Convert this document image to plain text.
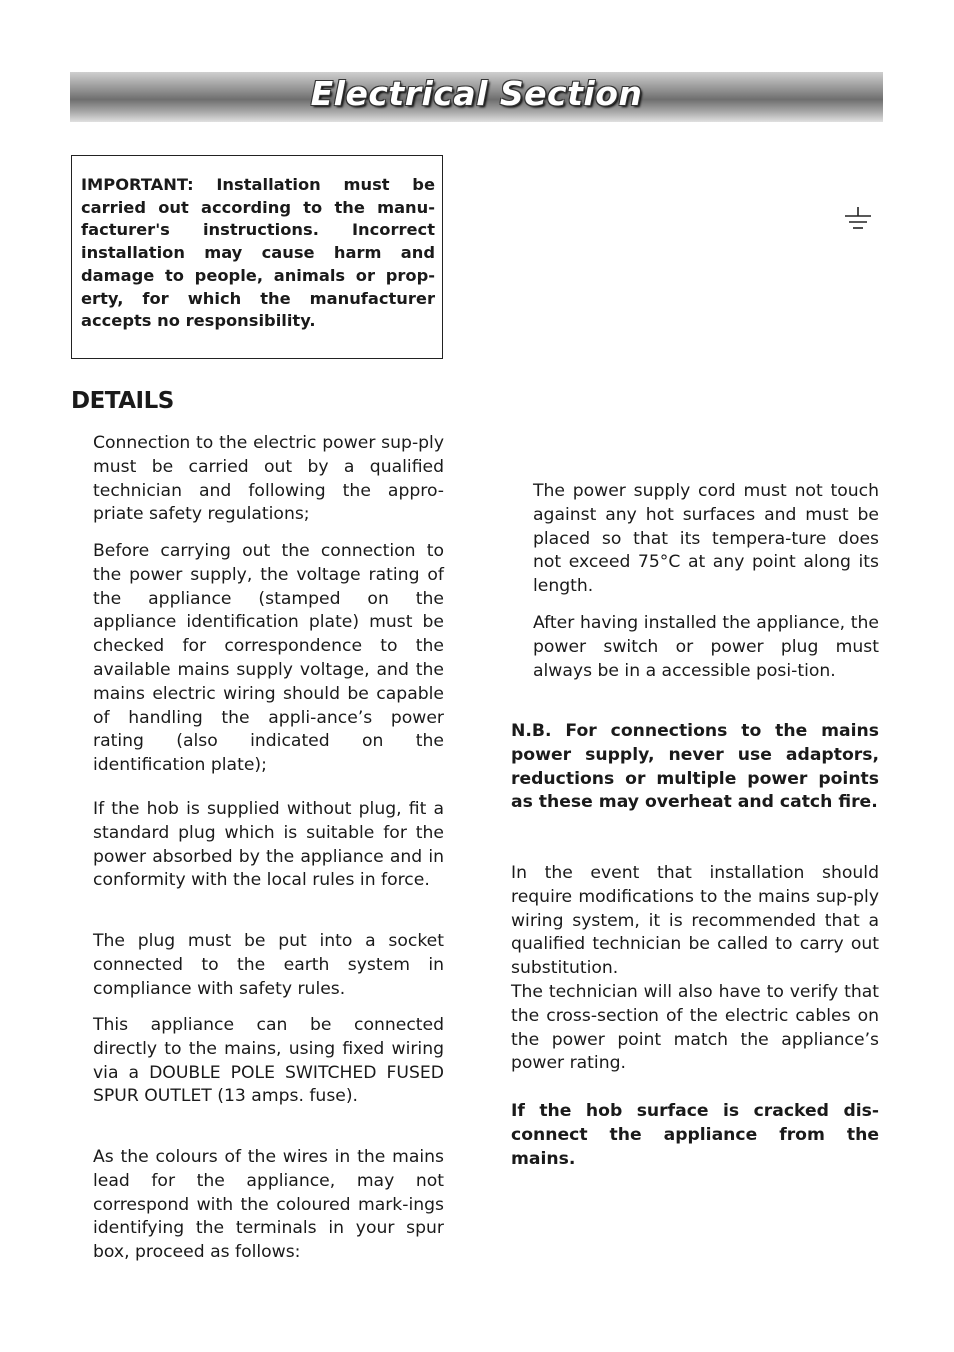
Electrical Section

IMPORTANT: Installation must be carried out according to the manu-facturer's instructions. Incorrect installation may cause harm and damage to people, animals or prop-erty, for which the manufacturer accepts no responsibility.

DETAILS

Connection to the electric power sup-ply must be carried out by a qualified technician and following the appro-priate safety regulations;

Before carrying out the connection to the power supply, the voltage rating of the appliance (stamped on the appliance identification plate) must be checked for correspondence to the available mains supply voltage, and the mains electric wiring should be capable of handling the appli-ance’s power rating (also indicated on the identification plate);

If the hob is supplied without plug, fit a standard plug which is suitable for the power absorbed by the appliance and in conformity with the local rules in force.

The plug must be put into a socket connected to the earth system in compliance with safety rules.

This appliance can be connected directly to the mains, using fixed wiring via a DOUBLE POLE SWITCHED FUSED SPUR OUTLET (13 amps. fuse).

As the colours of the wires in the mains lead for the appliance, may not correspond with the coloured mark-ings identifying the terminals in your spur box, proceed as follows:

The power supply cord must not touch against any hot surfaces and must be placed so that its tempera-ture does not exceed 75°C at any point along its length.

After having installed the appliance, the power switch or power plug must always be in a accessible posi-tion.

N.B. For connections to the mains power supply, never use adaptors, reductions or multiple power points as these may overheat and catch fire.

In the event that installation should require modifications to the mains sup-ply wiring system, it is recommended that a qualified technician be called to carry out substitution.

The technician will also have to verify that the cross-section of the electric cables on the power point match the appliance’s power rating.

If the hob surface is cracked dis-connect the appliance from the mains.
